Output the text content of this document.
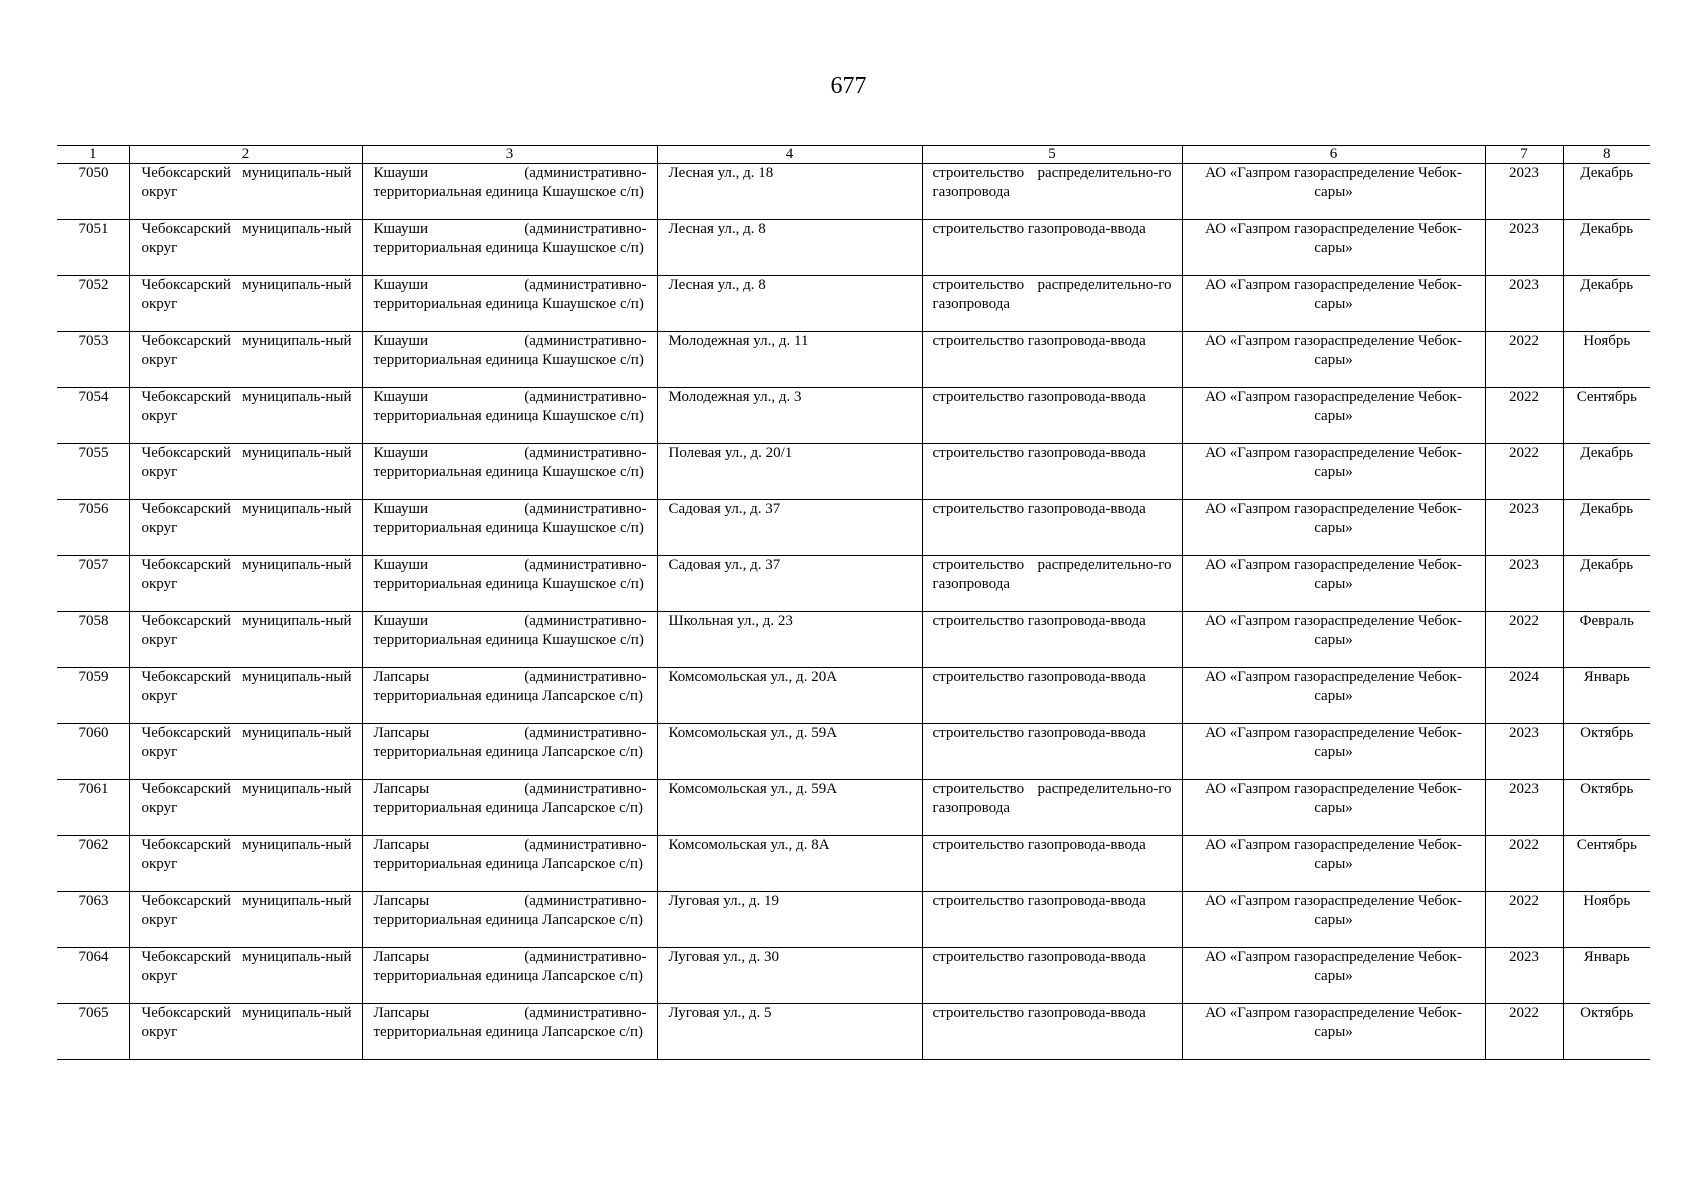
677
1	2	3	4	5	6	7	8
7050	Чебоксарский муниципаль-ный округ	Кшауши (административно-территориальная единица Кшаушское с/п)	Лесная ул., д. 18	строительство распределительно-го газопровода	АО «Газпром газораспределение Чебок-сары»	2023	Декабрь
7051	Чебоксарский муниципаль-ный округ	Кшауши (административно-территориальная единица Кшаушское с/п)	Лесная ул., д. 8	строительство газопровода-ввода	АО «Газпром газораспределение Чебок-сары»	2023	Декабрь
7052	Чебоксарский муниципаль-ный округ	Кшауши (административно-территориальная единица Кшаушское с/п)	Лесная ул., д. 8	строительство распределительно-го газопровода	АО «Газпром газораспределение Чебок-сары»	2023	Декабрь
7053	Чебоксарский муниципаль-ный округ	Кшауши (административно-территориальная единица Кшаушское с/п)	Молодежная ул., д. 11	строительство газопровода-ввода	АО «Газпром газораспределение Чебок-сары»	2022	Ноябрь
7054	Чебоксарский муниципаль-ный округ	Кшауши (административно-территориальная единица Кшаушское с/п)	Молодежная ул., д. 3	строительство газопровода-ввода	АО «Газпром газораспределение Чебок-сары»	2022	Сентябрь
7055	Чебоксарский муниципаль-ный округ	Кшауши (административно-территориальная единица Кшаушское с/п)	Полевая ул., д. 20/1	строительство газопровода-ввода	АО «Газпром газораспределение Чебок-сары»	2022	Декабрь
7056	Чебоксарский муниципаль-ный округ	Кшауши (административно-территориальная единица Кшаушское с/п)	Садовая ул., д. 37	строительство газопровода-ввода	АО «Газпром газораспределение Чебок-сары»	2023	Декабрь
7057	Чебоксарский муниципаль-ный округ	Кшауши (административно-территориальная единица Кшаушское с/п)	Садовая ул., д. 37	строительство распределительно-го газопровода	АО «Газпром газораспределение Чебок-сары»	2023	Декабрь
7058	Чебоксарский муниципаль-ный округ	Кшауши (административно-территориальная единица Кшаушское с/п)	Школьная ул., д. 23	строительство газопровода-ввода	АО «Газпром газораспределение Чебок-сары»	2022	Февраль
7059	Чебоксарский муниципаль-ный округ	Лапсары (административно-территориальная единица Лапсарское с/п)	Комсомольская ул., д. 20А	строительство газопровода-ввода	АО «Газпром газораспределение Чебок-сары»	2024	Январь
7060	Чебоксарский муниципаль-ный округ	Лапсары (административно-территориальная единица Лапсарское с/п)	Комсомольская ул., д. 59А	строительство газопровода-ввода	АО «Газпром газораспределение Чебок-сары»	2023	Октябрь
7061	Чебоксарский муниципаль-ный округ	Лапсары (административно-территориальная единица Лапсарское с/п)	Комсомольская ул., д. 59А	строительство распределительно-го газопровода	АО «Газпром газораспределение Чебок-сары»	2023	Октябрь
7062	Чебоксарский муниципаль-ный округ	Лапсары (административно-территориальная единица Лапсарское с/п)	Комсомольская ул., д. 8А	строительство газопровода-ввода	АО «Газпром газораспределение Чебок-сары»	2022	Сентябрь
7063	Чебоксарский муниципаль-ный округ	Лапсары (административно-территориальная единица Лапсарское с/п)	Луговая ул., д. 19	строительство газопровода-ввода	АО «Газпром газораспределение Чебок-сары»	2022	Ноябрь
7064	Чебоксарский муниципаль-ный округ	Лапсары (административно-территориальная единица Лапсарское с/п)	Луговая ул., д. 30	строительство газопровода-ввода	АО «Газпром газораспределение Чебок-сары»	2023	Январь
7065	Чебоксарский муниципаль-ный округ	Лапсары (административно-территориальная единица Лапсарское с/п)	Луговая ул., д. 5	строительство газопровода-ввода	АО «Газпром газораспределение Чебок-сары»	2022	Октябрь
